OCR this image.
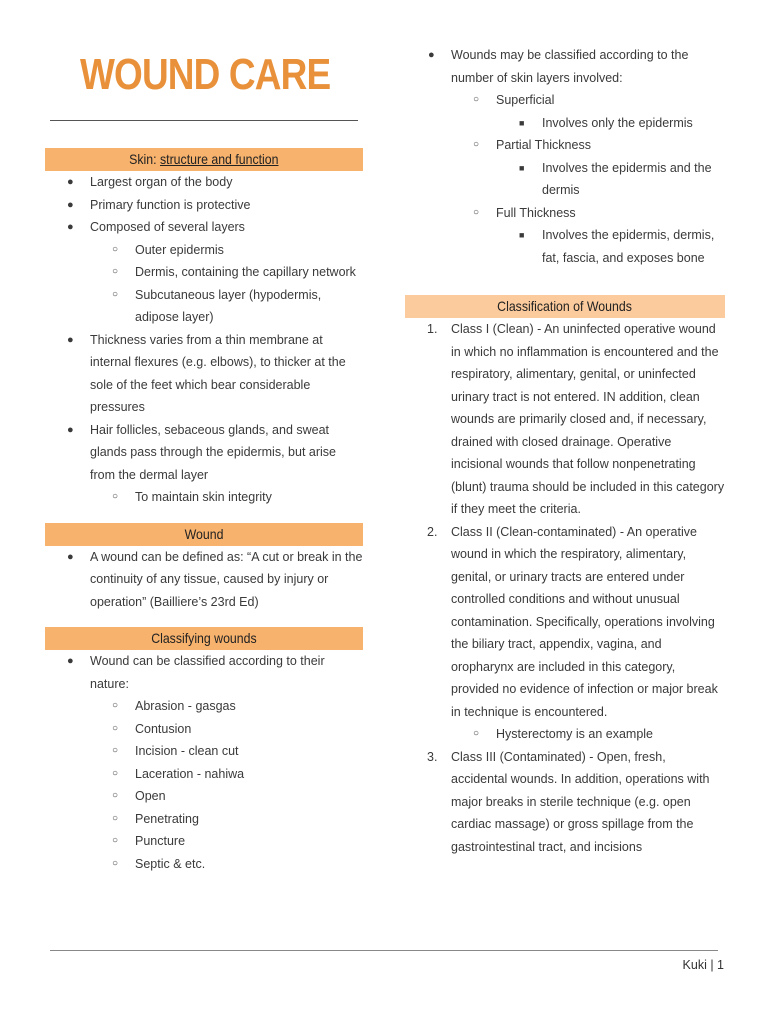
WOUND CARE
Skin: structure and function
● Largest organ of the body
● Primary function is protective
● Composed of several layers
○ Outer epidermis
○ Dermis, containing the capillary network
○ Subcutaneous layer (hypodermis, adipose layer)
● Thickness varies from a thin membrane at internal flexures (e.g. elbows), to thicker at the sole of the feet which bear considerable pressures
● Hair follicles, sebaceous glands, and sweat glands pass through the epidermis, but arise from the dermal layer
○ To maintain skin integrity
Wound
● A wound can be defined as: “A cut or break in the continuity of any tissue, caused by injury or operation” (Bailliere’s 23rd Ed)
Classifying wounds
● Wound can be classified according to their nature:
○ Abrasion - gasgas
○ Contusion
○ Incision - clean cut
○ Laceration - nahiwa
○ Open
○ Penetrating
○ Puncture
○ Septic & etc.
● Wounds may be classified according to the number of skin layers involved:
○ Superficial
■ Involves only the epidermis
○ Partial Thickness
■ Involves the epidermis and the dermis
○ Full Thickness
■ Involves the epidermis, dermis, fat, fascia, and exposes bone
Classification of Wounds
1. Class I (Clean) - An uninfected operative wound in which no inflammation is encountered and the respiratory, alimentary, genital, or uninfected urinary tract is not entered. IN addition, clean wounds are primarily closed and, if necessary, drained with closed drainage. Operative incisional wounds that follow nonpenetrating (blunt) trauma should be included in this category if they meet the criteria.
2. Class II (Clean-contaminated) - An operative wound in which the respiratory, alimentary, genital, or urinary tracts are entered under controlled conditions and without unusual contamination. Specifically, operations involving the biliary tract, appendix, vagina, and oropharynx are included in this category, provided no evidence of infection or major break in technique is encountered.
○ Hysterectomy is an example
3. Class III (Contaminated) - Open, fresh, accidental wounds. In addition, operations with major breaks in sterile technique (e.g. open cardiac massage) or gross spillage from the gastrointestinal tract, and incisions
Kuki | 1
